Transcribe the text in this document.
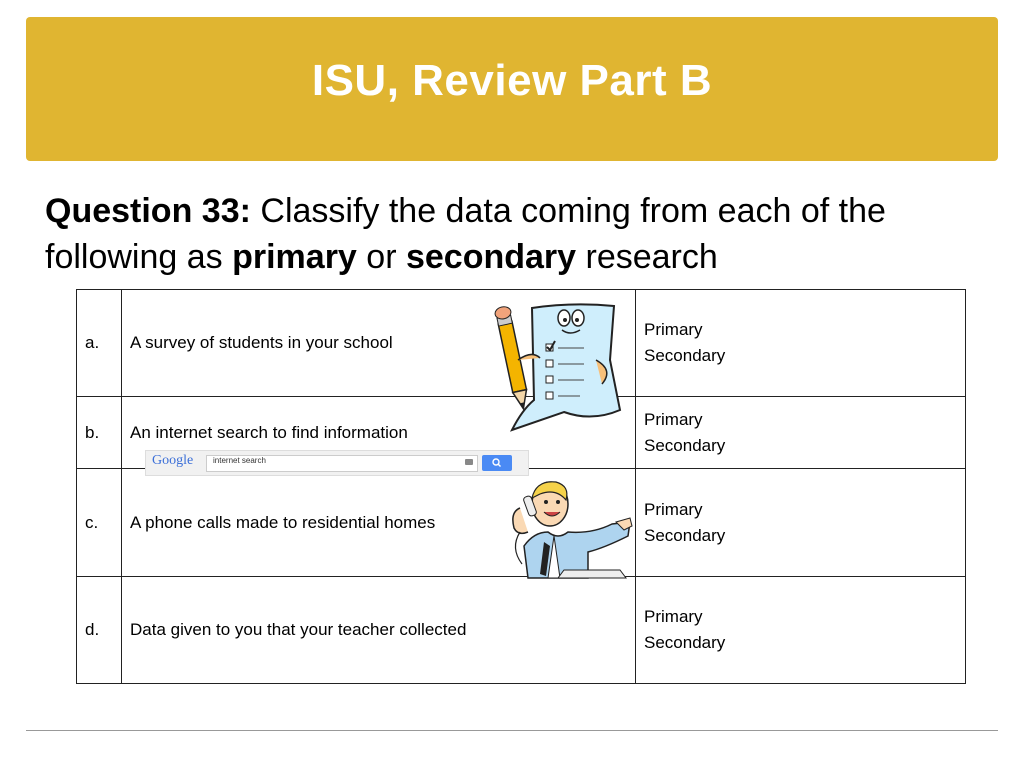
ISU, Review Part B
Question 33: Classify the data coming from each of the following as primary or secondary research
a.	A survey of students in your school	Primary
Secondary

b.	An internet search to find information	Primary
Secondary

c.	A phone calls made to residential homes	Primary
Secondary

d.	Data given to you that your teacher collected	Primary
Secondary
Google internet search
